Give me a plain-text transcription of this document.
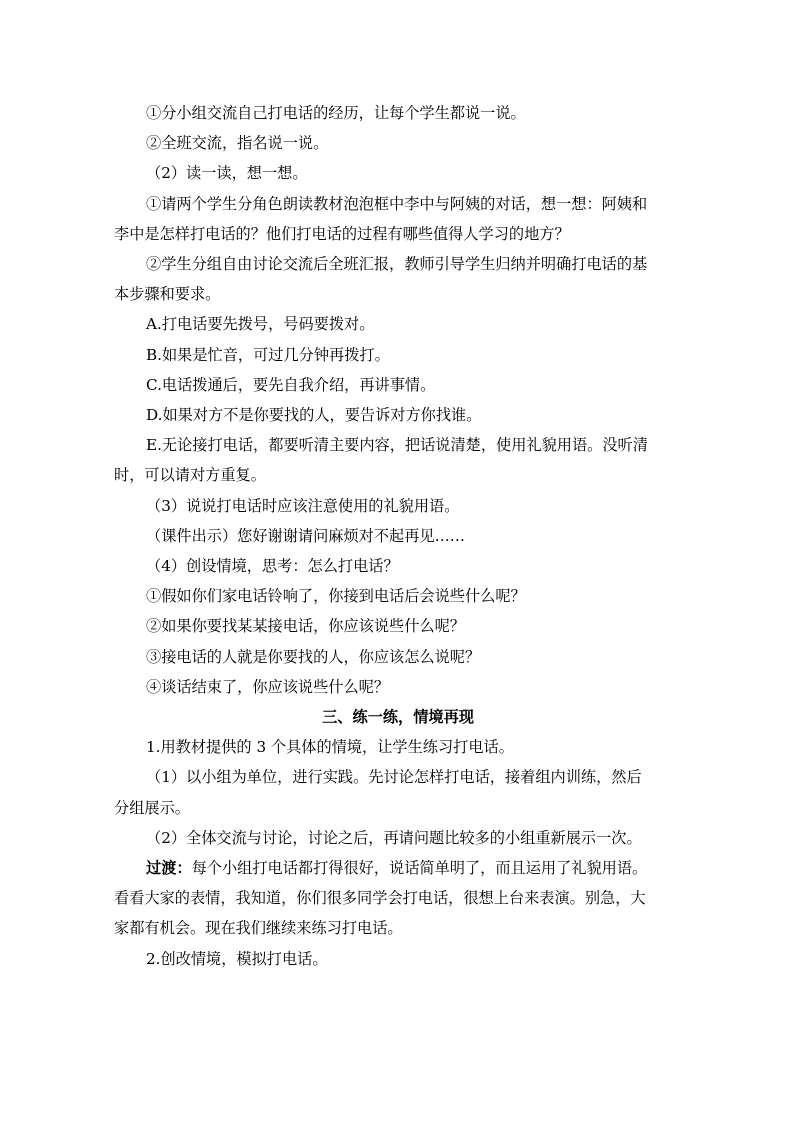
①分小组交流自己打电话的经历，让每个学生都说一说。

②全班交流，指名说一说。

（2）读一读，想一想。

①请两个学生分角色朗读教材泡泡框中李中与阿姨的对话，想一想：阿姨和

李中是怎样打电话的？他们打电话的过程有哪些值得人学习的地方？

②学生分组自由讨论交流后全班汇报，教师引导学生归纳并明确打电话的基

本步骤和要求。

A.打电话要先拨号，号码要拨对。

B.如果是忙音，可过几分钟再拨打。

C.电话拨通后，要先自我介绍，再讲事情。

D.如果对方不是你要找的人，要告诉对方你找谁。

E.无论接打电话，都要听清主要内容，把话说清楚，使用礼貌用语。没听清

时，可以请对方重复。

（3）说说打电话时应该注意使用的礼貌用语。

（课件出示）您好谢谢请问麻烦对不起再见……

（4）创设情境，思考：怎么打电话？

①假如你们家电话铃响了，你接到电话后会说些什么呢？

②如果你要找某某接电话，你应该说些什么呢？

③接电话的人就是你要找的人，你应该怎么说呢？

④谈话结束了，你应该说些什么呢？

三、练一练，情境再现

1.用教材提供的 3 个具体的情境，让学生练习打电话。

（1）以小组为单位，进行实践。先讨论怎样打电话，接着组内训练，然后

分组展示。

（2）全体交流与讨论，讨论之后，再请问题比较多的小组重新展示一次。

过渡：每个小组打电话都打得很好，说话简单明了，而且运用了礼貌用语。

看看大家的表情，我知道，你们很多同学会打电话，很想上台来表演。别急，大

家都有机会。现在我们继续来练习打电话。

2.创改情境，模拟打电话。
